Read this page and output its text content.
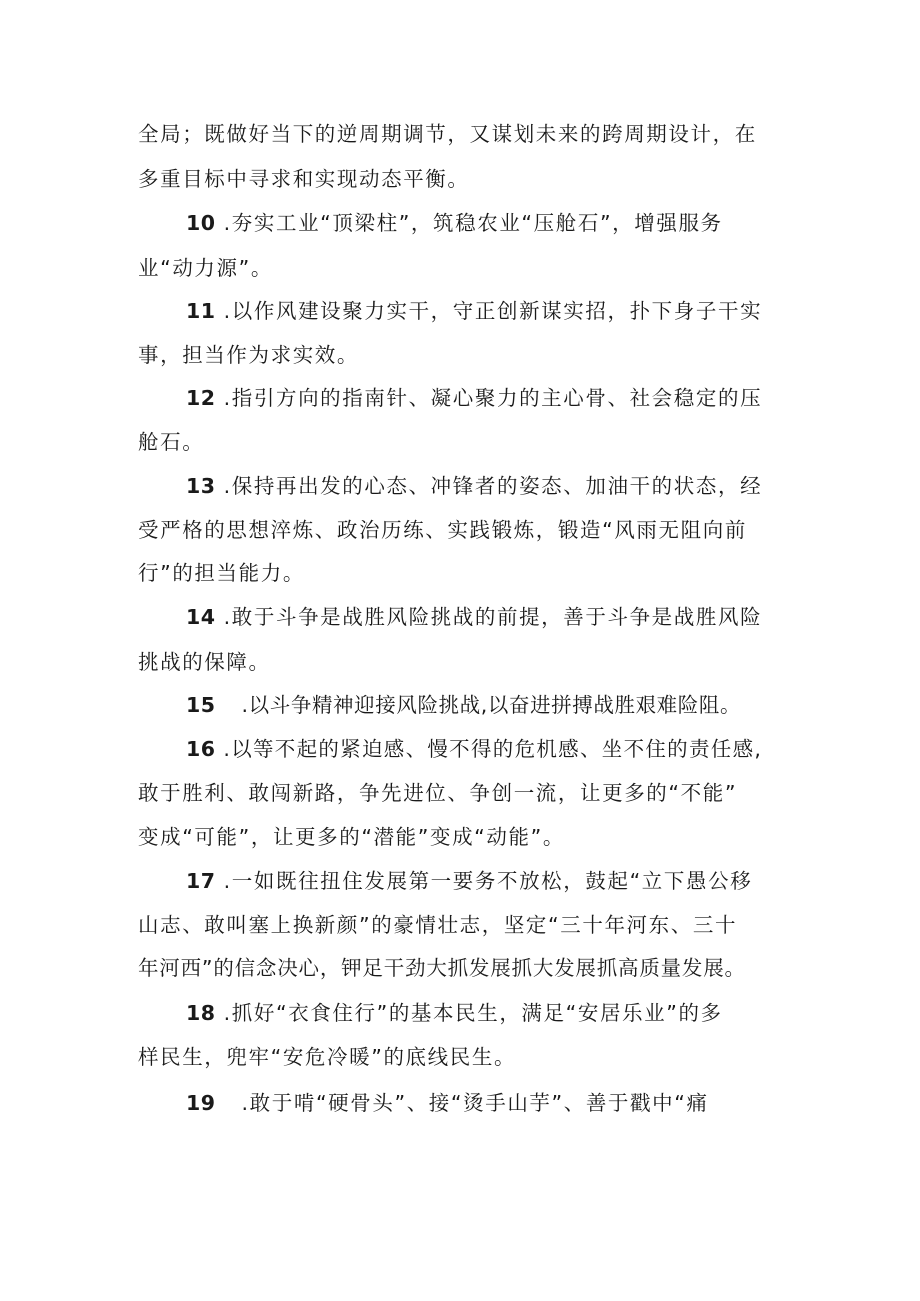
全局；既做好当下的逆周期调节，又谋划未来的跨周期设计，在
多重目标中寻求和实现动态平衡。
10 .夯实工业“顶梁柱”，筑稳农业“压舱石”，增强服务
业“动力源”。
11 .以作风建设聚力实干，守正创新谋实招，扑下身子干实
事，担当作为求实效。
12 .指引方向的指南针、凝心聚力的主心骨、社会稳定的压
舱石。
13 .保持再出发的心态、冲锋者的姿态、加油干的状态，经
受严格的思想淬炼、政治历练、实践锻炼，锻造“风雨无阻向前
行”的担当能力。
14 .敢于斗争是战胜风险挑战的前提，善于斗争是战胜风险
挑战的保障。
15 .以斗争精神迎接风险挑战,以奋进拼搏战胜艰难险阻。
16 .以等不起的紧迫感、慢不得的危机感、坐不住的责任感,
敢于胜利、敢闯新路，争先进位、争创一流，让更多的“不能”
变成“可能”，让更多的“潜能”变成“动能”。
17 .一如既往扭住发展第一要务不放松，鼓起“立下愚公移
山志、敢叫塞上换新颜”的豪情壮志，坚定“三十年河东、三十
年河西”的信念决心，钾足干劲大抓发展抓大发展抓高质量发展。
18 .抓好“衣食住行”的基本民生，满足“安居乐业”的多
样民生，兜牢“安危冷暖”的底线民生。
19 .敢于啃“硬骨头”、接“烫手山芋”、善于戳中“痛
